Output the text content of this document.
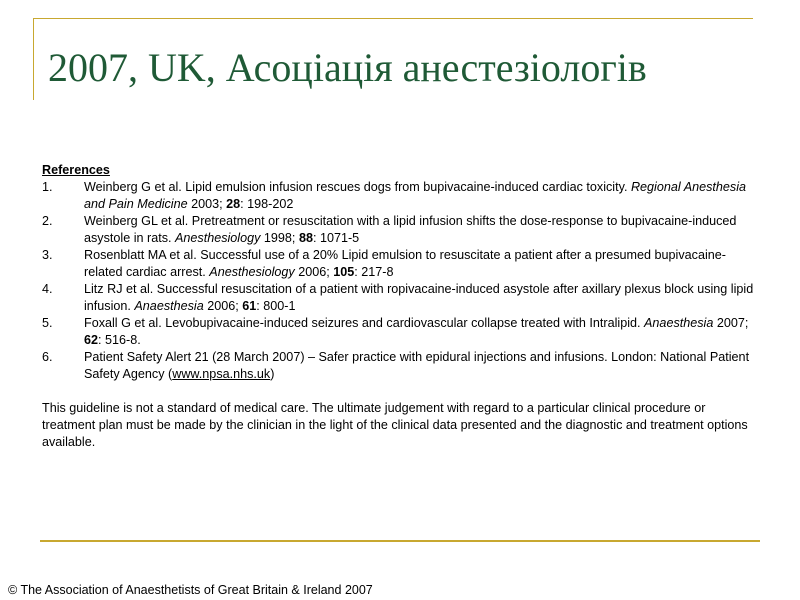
2007, UK, Асоціація анестезіологів
References
1.	Weinberg G et al. Lipid emulsion infusion rescues dogs from bupivacaine-induced cardiac toxicity. Regional Anesthesia and Pain Medicine 2003; 28: 198-202
2.	Weinberg GL et al. Pretreatment or resuscitation with a lipid infusion shifts the dose-response to bupivacaine-induced asystole in rats. Anesthesiology 1998; 88: 1071-5
3.	Rosenblatt MA et al. Successful use of a 20% Lipid emulsion to resuscitate a patient after a presumed bupivacaine-related cardiac arrest. Anesthesiology 2006; 105: 217-8
4.	Litz RJ et al. Successful resuscitation of a patient with ropivacaine-induced asystole after axillary plexus block using lipid infusion. Anaesthesia 2006; 61: 800-1
5.	Foxall G et al. Levobupivacaine-induced seizures and cardiovascular collapse treated with Intralipid. Anaesthesia 2007; 62: 516-8.
6.	Patient Safety Alert 21 (28 March 2007) – Safer practice with epidural injections and infusions. London: National Patient Safety Agency (www.npsa.nhs.uk)
This guideline is not a standard of medical care. The ultimate judgement with regard to a particular clinical procedure or treatment plan must be made by the clinician in the light of the clinical data presented and the diagnostic and treatment options available.
© The Association of Anaesthetists of Great Britain & Ireland 2007
